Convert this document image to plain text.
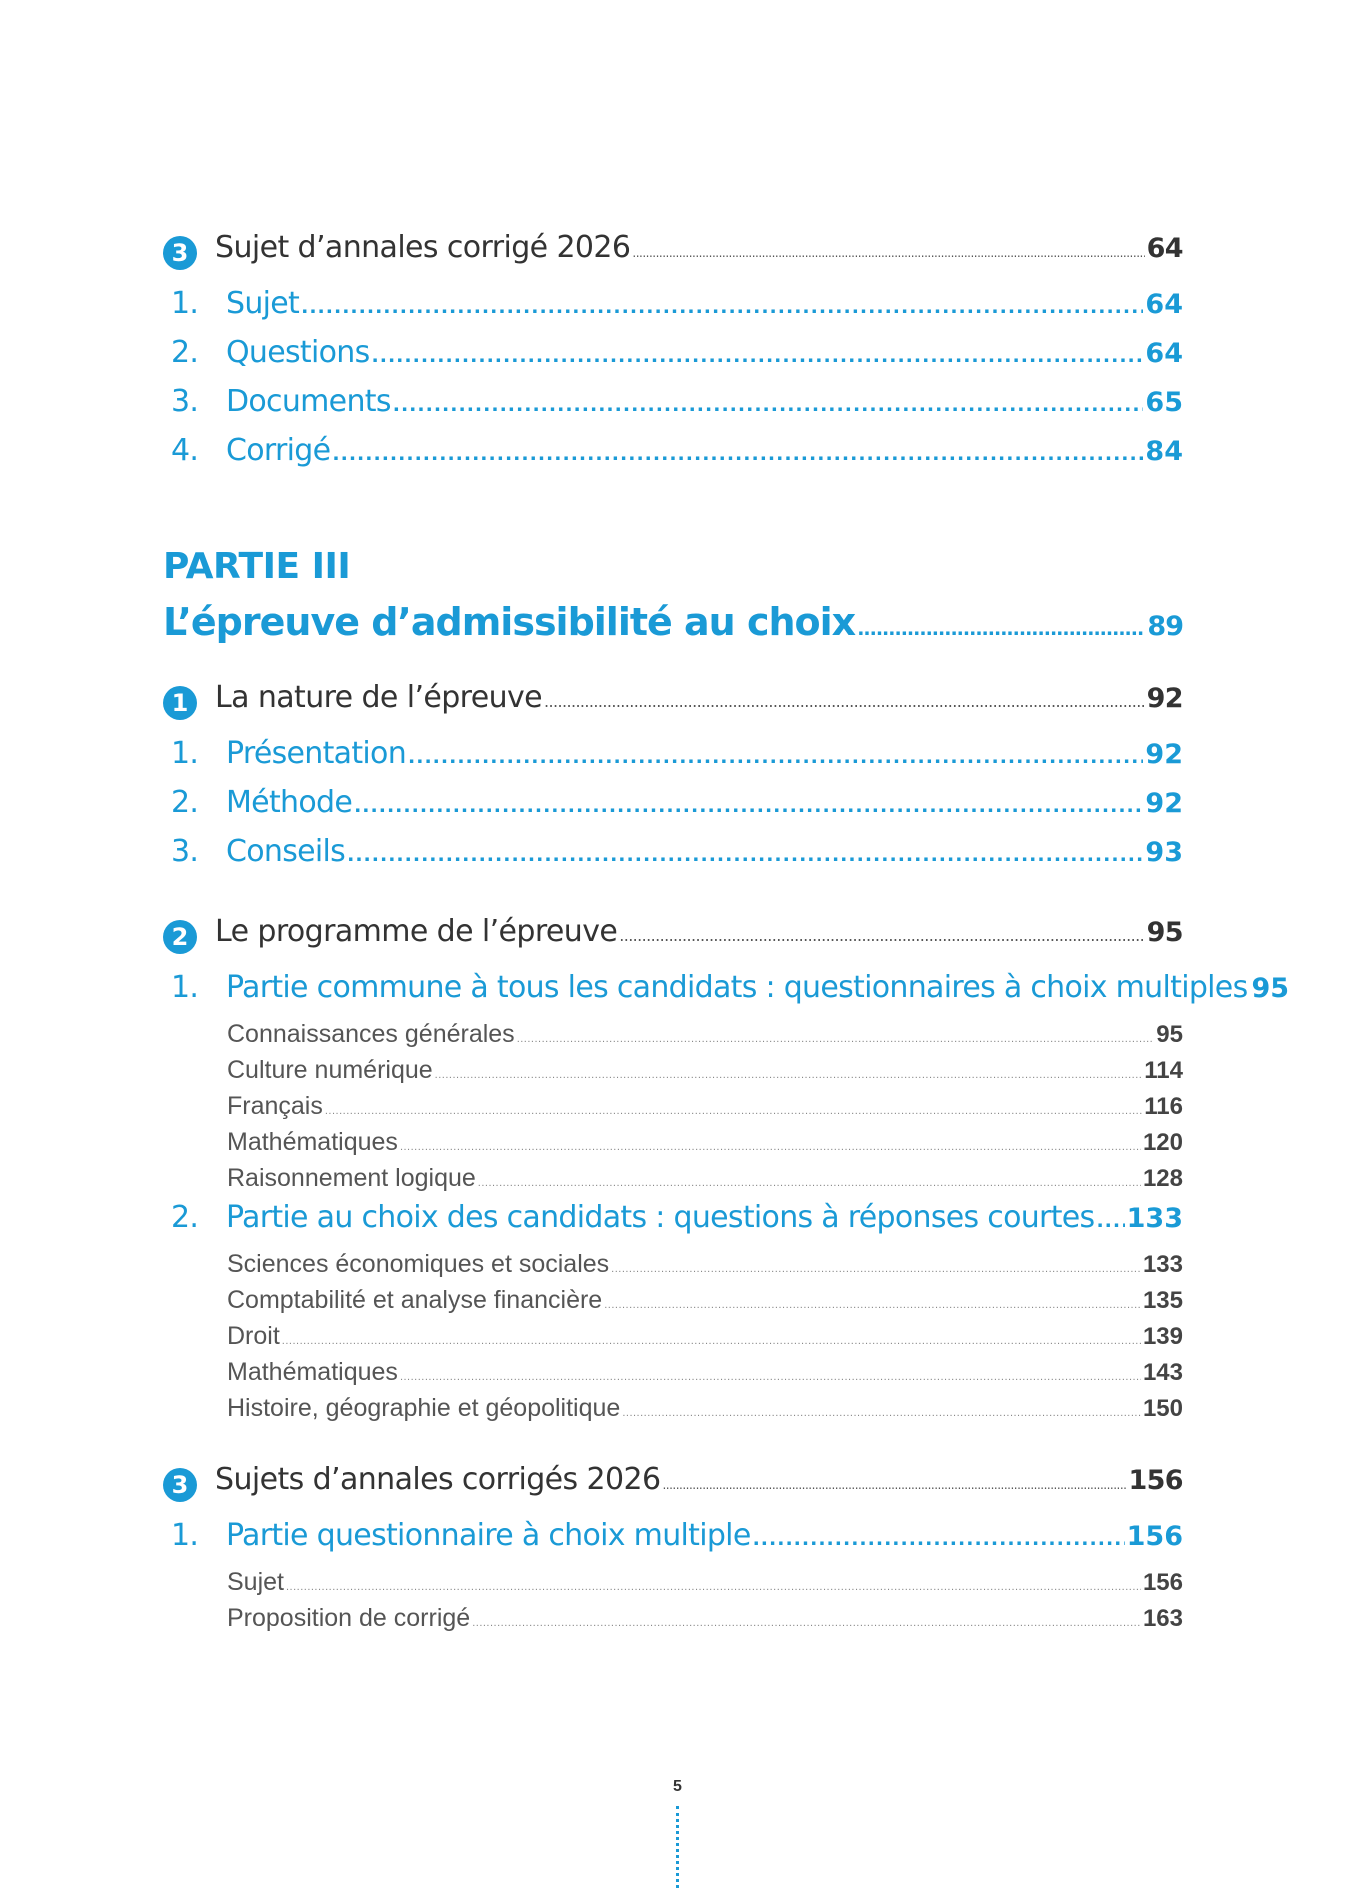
3 Sujet d’annales corrigé 2026 .....	64
1. Sujet .....	64
2. Questions .....	64
3. Documents .....	65
4. Corrigé .....	84
PARTIE III
L’épreuve d’admissibilité au choix .....	89
1 La nature de l’épreuve .....	92
1. Présentation .....	92
2. Méthode .....	92
3. Conseils .....	93
2 Le programme de l’épreuve .....	95
1. Partie commune à tous les candidats : questionnaires à choix multiples 95
Connaissances générales .....	95
Culture numérique .....	114
Français .....	116
Mathématiques .....	120
Raisonnement logique .....	128
2. Partie au choix des candidats : questions à réponses courtes ..... 133
Sciences économiques et sociales .....	133
Comptabilité et analyse financière .....	135
Droit .....	139
Mathématiques .....	143
Histoire, géographie et géopolitique .....	150
3 Sujets d’annales corrigés 2026 .....	156
1. Partie questionnaire à choix multiple .....	156
Sujet .....	156
Proposition de corrigé .....	163
5
